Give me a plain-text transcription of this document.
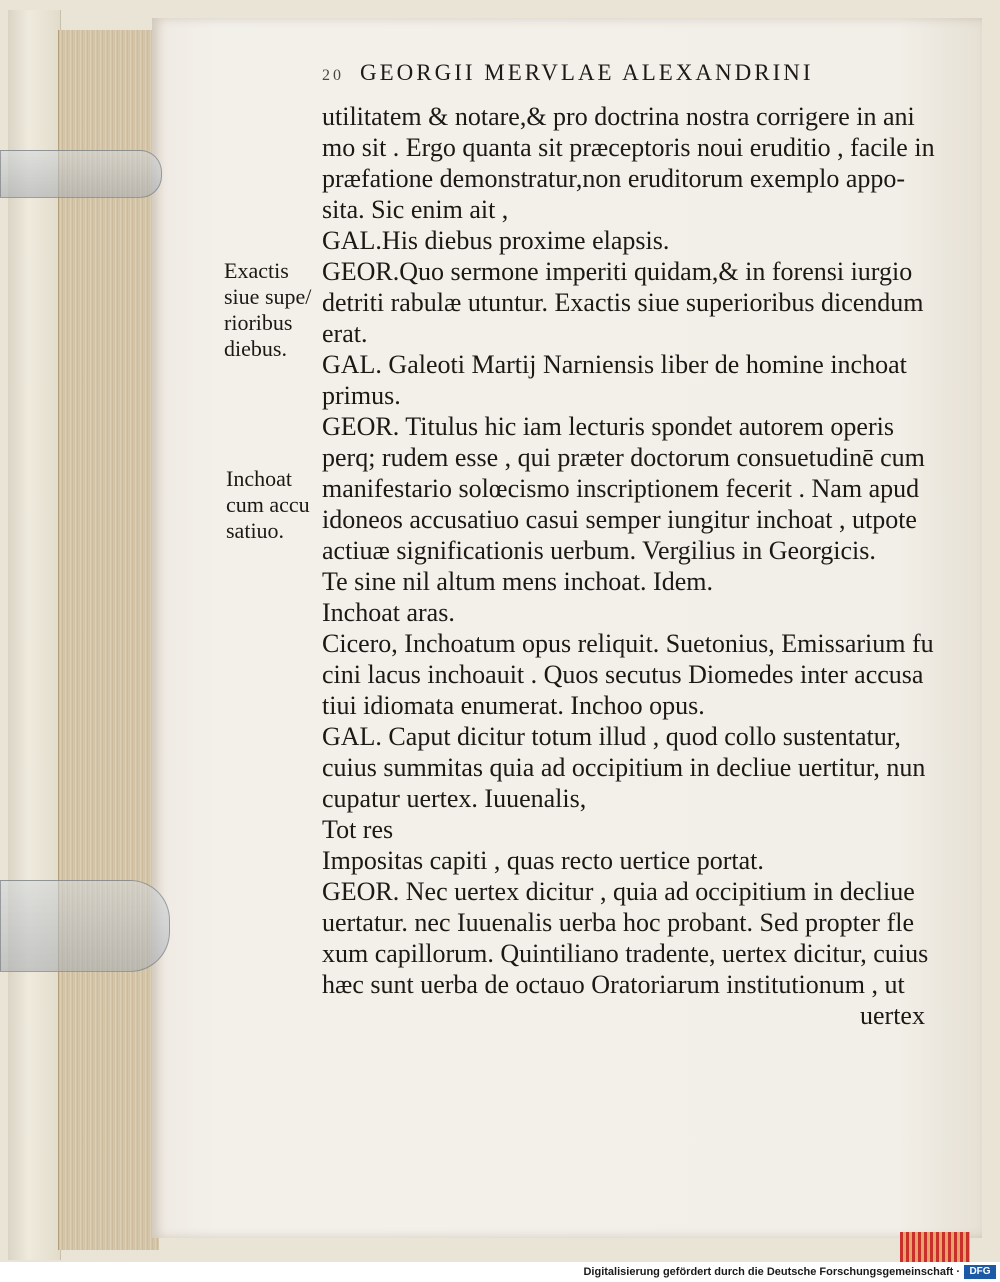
20 GEORGII MERVLAE ALEXANDRINI
utilitatem & notare,& pro doctrina nostra corrigere in ani
mo sit . Ergo quanta sit præceptoris noui eruditio , facile in
præfatione demonstratur,non eruditorum exemplo appo-
sita. Sic enim ait ,
GAL.His diebus proxime elapsis.
GEOR.Quo sermone imperiti quidam,& in forensi iurgio
detriti rabulæ utuntur. Exactis siue superioribus dicendum
erat.
GAL. Galeoti Martij Narniensis liber de homine inchoat
primus.
GEOR. Titulus hic iam lecturis spondet autorem operis
perq; rudem esse , qui præter doctorum consuetudinē cum
manifestario solœcismo inscriptionem fecerit . Nam apud
idoneos accusatiuo casui semper iungitur inchoat , utpote
actiuæ significationis uerbum. Vergilius in Georgicis.
Te sine nil altum mens inchoat. Idem.
Inchoat aras.
Cicero, Inchoatum opus reliquit. Suetonius, Emissarium fu
cini lacus inchoauit . Quos secutus Diomedes inter accusa
tiui idiomata enumerat. Inchoo opus.
GAL. Caput dicitur totum illud , quod collo sustentatur,
cuius summitas quia ad occipitium in decliue uertitur, nun
cupatur uertex. Iuuenalis,
Tot res
Impositas capiti , quas recto uertice portat.
GEOR. Nec uertex dicitur , quia ad occipitium in decliue
uertatur. nec Iuuenalis uerba hoc probant. Sed propter fle
xum capillorum. Quintiliano tradente, uertex dicitur, cuius
hæc sunt uerba de octauo Oratoriarum institutionum , ut
uertex
Exactis
siue supe/
rioribus
diebus.
Inchoat
cum accu
satiuo.
Digitalisierung gefördert durch die Deutsche Forschungsgemeinschaft · DFG
